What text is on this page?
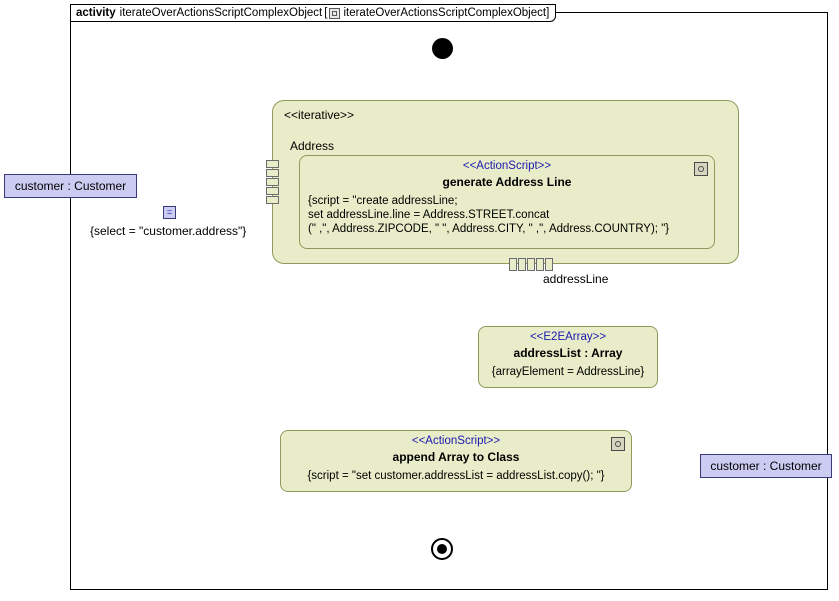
activity iterateOverActionsScriptComplexObject [ iterateOverActionsScriptComplexObject ]
<<iterative>>
Address
<<ActionScript>>
generate Address Line
{script = "create addressLine;
set addressLine.line = Address.STREET.concat
(" ,", Address.ZIPCODE, " ", Address.CITY, " ,", Address.COUNTRY); "}
<<E2EArray>>
addressList : Array
{arrayElement = AddressLine}
<<ActionScript>>
append Array to Class
{script = "set customer.addressList = addressList.copy(); "}
customer : Customer
customer : Customer
=
{select = "customer.address"}
addressLine
